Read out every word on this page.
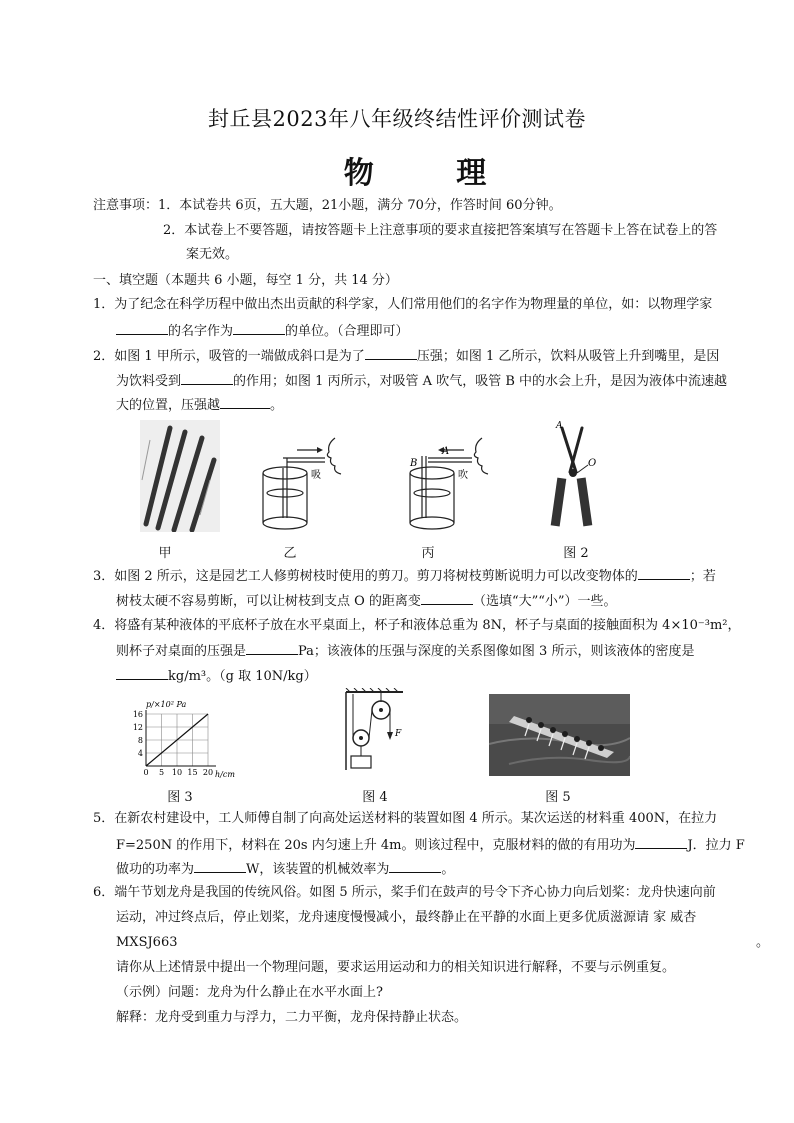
封丘县2023年八年级终结性评价测试卷
物 理
注意事项：1．本试卷共 6页，五大题，21小题，满分 70分，作答时间 60分钟。
2．本试卷上不要答题，请按答题卡上注意事项的要求直接把答案填写在答题卡上答在试卷上的答
案无效。
一、填空题（本题共 6 小题，每空 1 分，共 14 分）
1．为了纪念在科学历程中做出杰出贡献的科学家，人们常用他们的名字作为物理量的单位，如：以物理学家
的名字作为	的单位。（合理即可）
2．如图 1 甲所示，吸管的一端做成斜口是为了	压强；如图 1 乙所示，饮料从吸管上升到嘴里，是因
为饮料受到	的作用；如图 1 丙所示，对吸管 A 吹气，吸管 B 中的水会上升，是因为液体中流速越
大的位置，压强越	。
吸
A
B
吹
A
O
甲	乙	丙	图 2
3．如图 2 所示，这是园艺工人修剪树枝时使用的剪刀。剪刀将树枝剪断说明力可以改变物体的	；若
树枝太硬不容易剪断，可以让树枝到支点 O 的距离变	（选填“大”“小”）一些。
4．将盛有某种液体的平底杯子放在水平桌面上，杯子和液体总重为 8N，杯子与桌面的接触面积为 4×10⁻³m²，
则杯子对桌面的压强是	Pa；该液体的压强与深度的关系图像如图 3 所示，则该液体的密度是
kg/m³。（g 取 10N/kg）
p/×10² Pa
h/cm
4
8
12
16
0 5 10 15 20
图 3
F
图 4	图 5
5．在新农村建设中，工人师傅自制了向高处运送材料的装置如图 4 所示。某次运送的材料重 400N，在拉力
F=250N 的作用下，材料在 20s 内匀速上升 4m。则该过程中，克服材料的做的有用功为	J．拉力 F
做功的功率为	W，该装置的机械效率为	。
6．端午节划龙舟是我国的传统风俗。如图 5 所示，桨手们在鼓声的号令下齐心协力向后划桨：龙舟快速向前
运动，冲过终点后，停止划桨，龙舟速度慢慢减小，最终静止在平静的水面上更多优质滋源请 家 威杏
MXSJ663	。
请你从上述情景中提出一个物理问题，要求运用运动和力的相关知识进行解释，不要与示例重复。
（示例）问题：龙舟为什么静止在水平水面上?
解释：龙舟受到重力与浮力，二力平衡，龙舟保持静止状态。
